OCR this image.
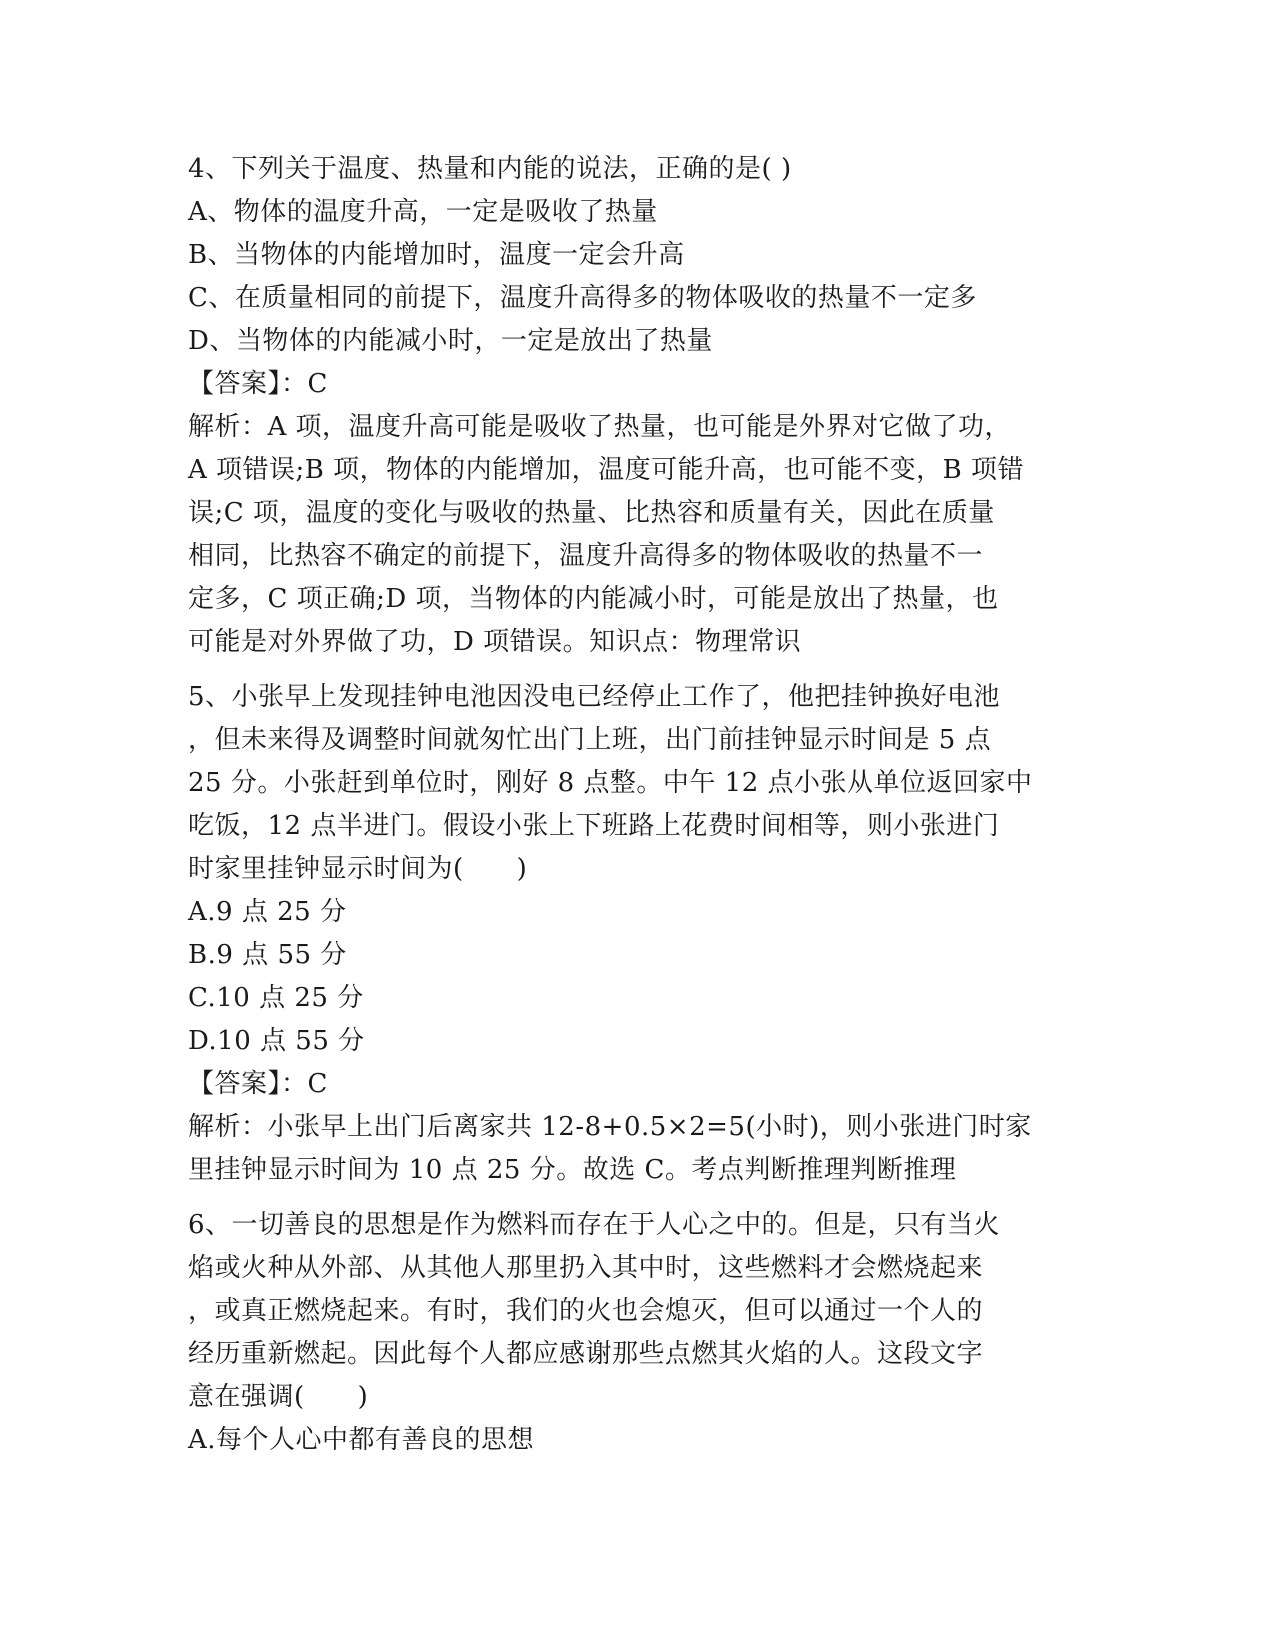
4、下列关于温度、热量和内能的说法，正确的是( )
A、物体的温度升高，一定是吸收了热量
B、当物体的内能增加时，温度一定会升高
C、在质量相同的前提下，温度升高得多的物体吸收的热量不一定多
D、当物体的内能减小时，一定是放出了热量
【答案】：C
解析：A 项，温度升高可能是吸收了热量，也可能是外界对它做了功，
A 项错误;B 项，物体的内能增加，温度可能升高，也可能不变，B 项错
误;C 项，温度的变化与吸收的热量、比热容和质量有关，因此在质量
相同，比热容不确定的前提下，温度升高得多的物体吸收的热量不一
定多，C 项正确;D 项，当物体的内能减小时，可能是放出了热量，也
可能是对外界做了功，D 项错误。知识点：物理常识
5、小张早上发现挂钟电池因没电已经停止工作了，他把挂钟换好电池
，但未来得及调整时间就匆忙出门上班，出门前挂钟显示时间是 5 点
25 分。小张赶到单位时，刚好 8 点整。中午 12 点小张从单位返回家中
吃饭，12 点半进门。假设小张上下班路上花费时间相等，则小张进门
时家里挂钟显示时间为(　　)
A.9 点 25 分
B.9 点 55 分
C.10 点 25 分
D.10 点 55 分
【答案】：C
解析：小张早上出门后离家共 12-8+0.5×2=5(小时)，则小张进门时家
里挂钟显示时间为 10 点 25 分。故选 C。考点判断推理判断推理
6、一切善良的思想是作为燃料而存在于人心之中的。但是，只有当火
焰或火种从外部、从其他人那里扔入其中时，这些燃料才会燃烧起来
，或真正燃烧起来。有时，我们的火也会熄灭，但可以通过一个人的
经历重新燃起。因此每个人都应感谢那些点燃其火焰的人。这段文字
意在强调(　　)
A.每个人心中都有善良的思想
